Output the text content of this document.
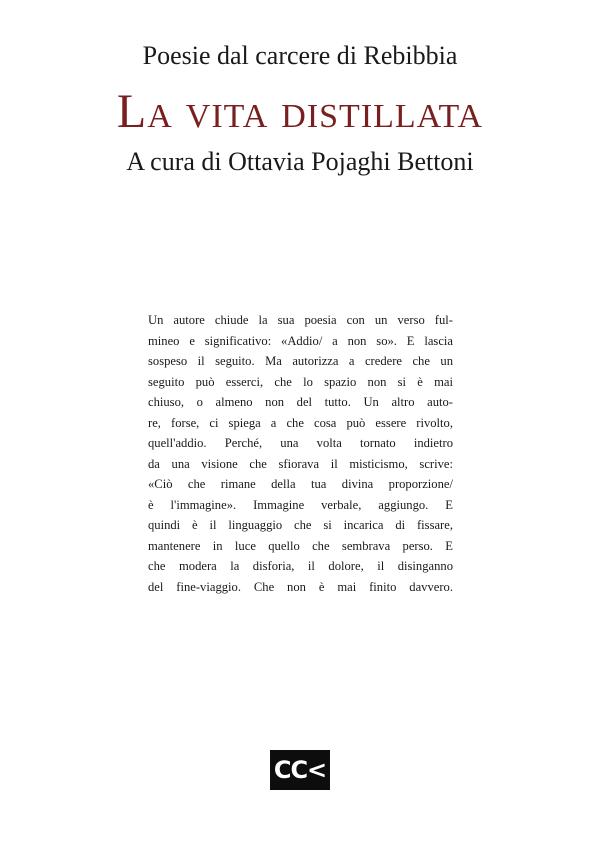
Poesie dal carcere di Rebibbia
La vita distillata
A cura di Ottavia Pojaghi Bettoni
Un autore chiude la sua poesia con un verso ful-
mineo e significativo: «Addio/ a non so». E lascia
sospeso il seguito. Ma autorizza a credere che un
seguito può esserci, che lo spazio non si è mai
chiuso, o almeno non del tutto. Un altro auto-
re, forse, ci spiega a che cosa può essere rivolto,
quell'addio. Perché, una volta tornato indietro
da una visione che sfiorava il misticismo, scrive:
«Ciò che rimane della tua divina proporzione/
è l'immagine». Immagine verbale, aggiungo. E
quindi è il linguaggio che si incarica di fissare,
mantenere in luce quello che sembrava perso. E
che modera la disforia, il dolore, il disinganno
del fine-viaggio. Che non è mai finito davvero.
CC<
